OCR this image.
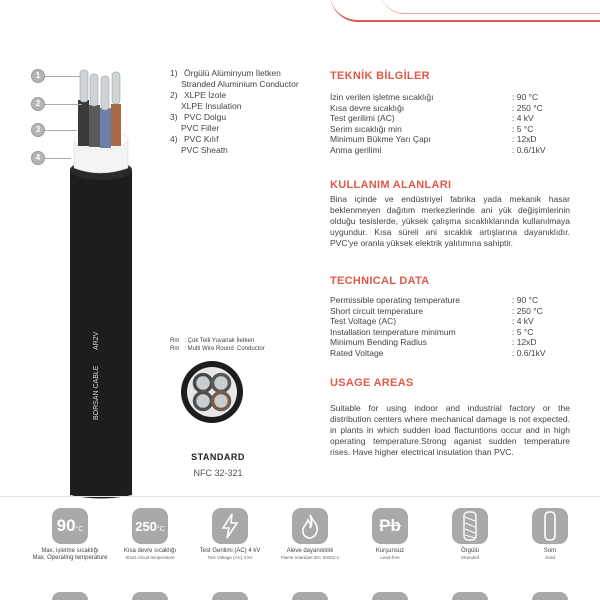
BORSAN CABLE
AR2V
1
2
3
4
1) Örgülü Alüminyum İletken
Stranded Aluminium Conductor
2) XLPE İzole
XLPE Insulation
3) PVC Dolgu
PVC Filler
4) PVC Kılıf
PVC Sheath
Rm   : Çok Telli Yuvarlak İletken
Rm   : Multi Wire Round  Conductor
STANDARD
NFC 32-321
TEKNİK BİLGİLER
İzin verilen işletme sıcaklığı	: 90 °C
Kısa devre sıcaklığı	: 250 °C
Test gerilimi (AC)	: 4 kV
Serim sıcaklığı min	: 5 °C
Minimum Bükme Yarı Çapı	: 12xD
Anma gerilimi	: 0.6/1kV
KULLANIM ALANLARI
Bina içinde ve endüstriyel fabrika yada mekanik hasar beklenmeyen dağıtım merkezlerinde ani yük değişimlerinin olduğu tesislerde, yüksek çalışma sıcaklıklarında kullanılmaya uygundur. Kısa süreli ani sıcaklık artışlarına dayanıklıdır. PVC'ye oranla yüksek elektrik yalıtımına sahiptir.
TECHNICAL DATA
Permissible operating temperature	: 90 °C
Short circuit temperature	: 250 °C
Test Voltage (AC)	: 4 kV
Installation temperature minimum	: 5 °C
Minimum Bending Radius	: 12xD
Rated Voltage	: 0.6/1kV
USAGE AREAS
Suitable for using indoor and industrial factory or the distribution centers where mechanical damage is not expected. in plants in which sudden load flactuntions occur and in high operating temperature.Strong aganist sudden temperature rises. Have higher electrical insulation than PVC.
90 °C
Max. işletme sıcaklığı
Max. Operating temperature
250 °C
Kısa devre sıcaklığı
Short circuit temperature
Test Gerilimi (AC) 4 kV
Test Voltage (AC) 4 kV
Aleve dayanıklılık
Flame retardant IEC 60332-1
Pb
Kurşunsuz
Lead-free
Örgülü
Stranded
Som
Solid
